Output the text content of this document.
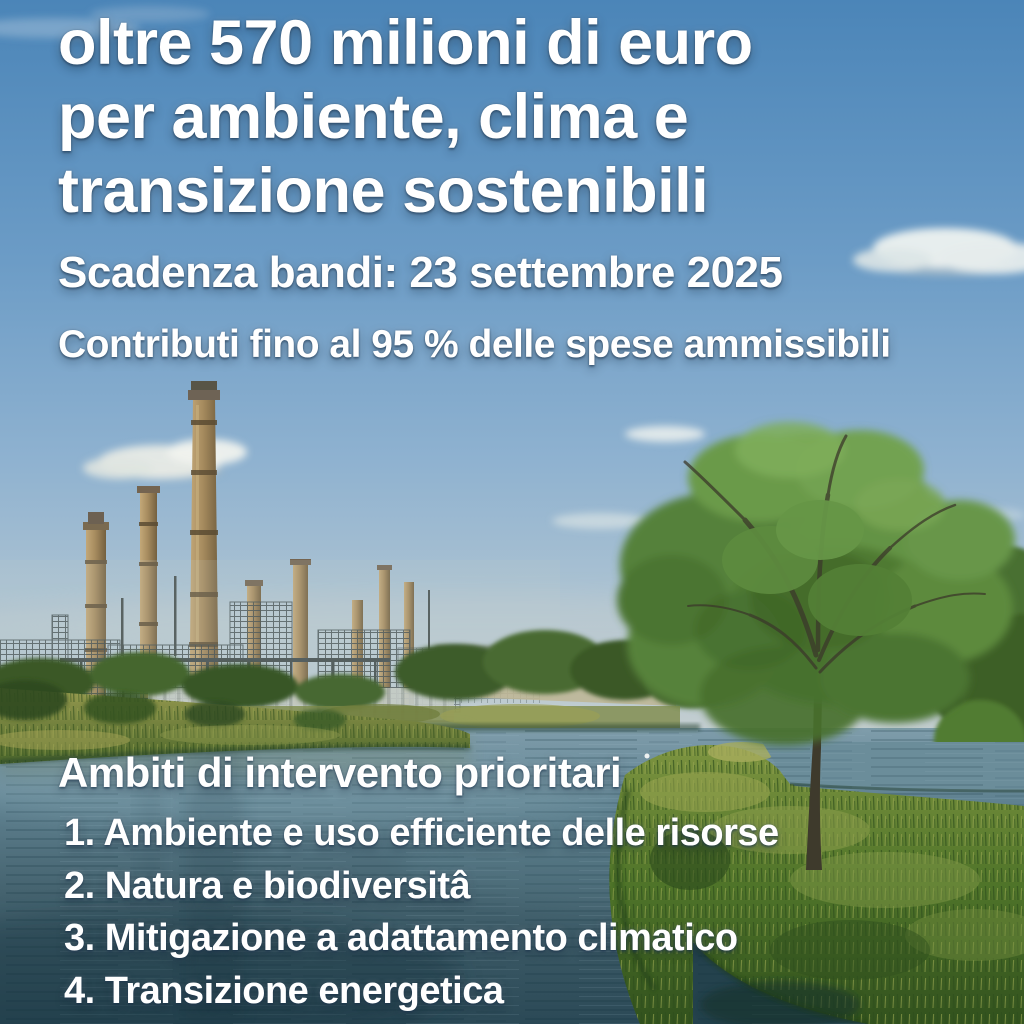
oltre 570 milioni di euro
per ambiente, clima e
transizione sostenibili
Scadenza bandi: 23 settembre 2025
Contributi fino al 95 % delle spese ammissibili
Ambiti di intervento prioritari
1. Ambiente e uso efficiente delle risorse
2. Natura e biodiversitâ
3. Mitigazione a adattamento climatico
4. Transizione energetica
